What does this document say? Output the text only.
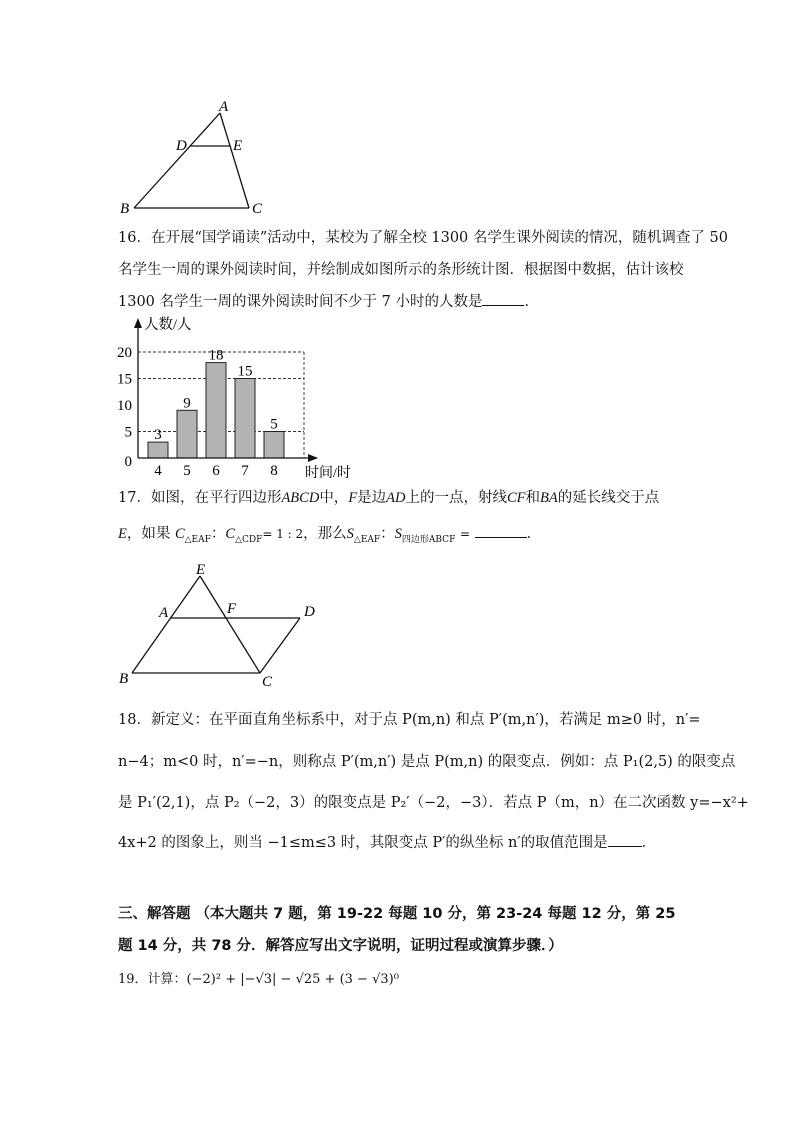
A
D	E
B	C
16．在开展“国学诵读”活动中，某校为了解全校 1300 名学生课外阅读的情况，随机调查了 50
名学生一周的课外阅读时间，并绘制成如图所示的条形统计图．根据图中数据，估计该校
1300 名学生一周的课外阅读时间不少于 7 小时的人数是	．
3
4
9
5
18
6
15
7
5
8
0
5
10
15
20
人数/人
时间/时
17．如图，在平行四边形ABCD中，F是边AD上的一点，射线CF和BA的延长线交于点
E，如果 $C_{\triangle EAF}$：$C_{\triangle CDF}= 1$ : 2，那么$S_{\triangle EAF}$：$S_{四边形ABCF}$ =	．
E
A	F	D
B	C
18．新定义：在平面直角坐标系中，对于点 P(m,n) 和点 P′(m,n′)，若满足 m≥0 时，n′=
n−4；m<0 时，n′=−n，则称点 P′(m,n′) 是点 P(m,n) 的限变点．例如：点 P₁(2,5) 的限变点
是 P₁′(2,1)，点 P₂（−2，3）的限变点是 P₂′（−2，−3）．若点 P（m，n）在二次函数 y=−x²+
4x+2 的图象上，则当 −1≤m≤3 时，其限变点 P′的纵坐标 n′的取值范围是 ．
三、解答题 （本大题共 7 题，第 19-22 每题 10 分，第 23-24 每题 12 分，第 25
题 14 分，共 78 分．解答应写出文字说明，证明过程或演算步骤．）
19．计算：(−2)² + |−√3| − √25 + (3 − √3)⁰
